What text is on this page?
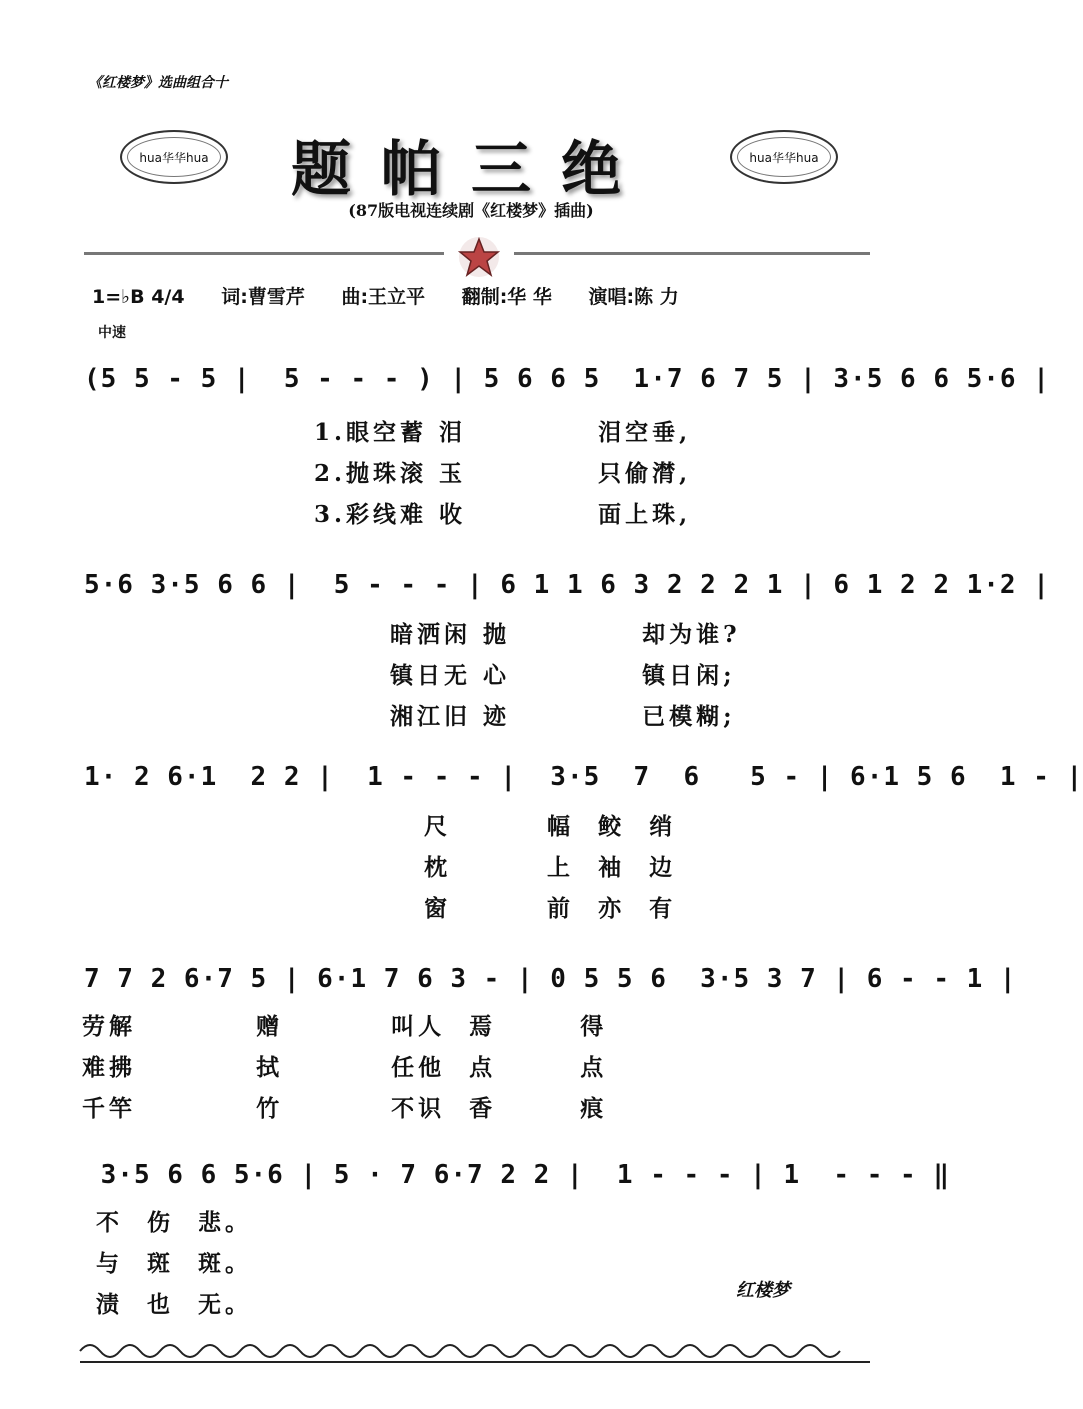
《红楼梦》选曲组合十
hua华华hua	hua华华hua
题帕三绝
(87版电视连续剧《红楼梦》插曲)
1=♭B 4/4 词:曹雪芹 曲:王立平 翻制:华 华 演唱:陈 力
中速
(5 5 - 5 |  5 - - - ) | 5 6 6 5  1·7 6 7 5 | 3·5 6 6 5·6 |
1.眼空蓄 泪           泪空垂,
2.抛珠滚 玉           只偷潸,
3.彩线难 收           面上珠,
5·6 3·5 6 6 |  5 - - - | 6 1 1 6 3 2 2 2 1 | 6 1 2 2 1·2 |
暗洒闲 抛           却为谁?
镇日无 心           镇日闲;
湘江旧 迹           已模糊;
1· 2 6·1  2 2 |  1 - - - |  3·5  7  6   5 - | 6·1 5 6  1 - |
尺        幅  鲛  绡
枕        上  袖  边
窗        前  亦  有
7 7 2 6·7 5 | 6·1 7 6 3 - | 0 5 5 6  3·5 3 7 | 6 - - 1 |
劳解          赠         叫人  焉       得
难拂          拭         任他  点       点
千竿          竹         不识  香       痕
3·5 6 6 5·6 | 5 · 7 6·7 2 2 |  1 - - - | 1  - - - ‖
不  伤  悲。
与  斑  斑。
渍  也  无。
红楼梦
